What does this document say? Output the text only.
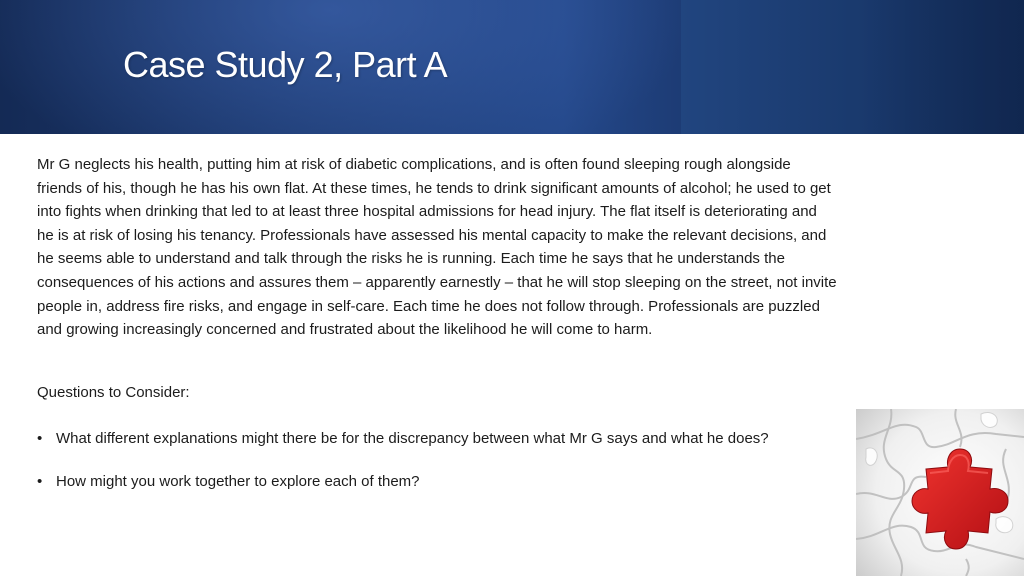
Case Study 2, Part A
Mr G neglects his health, putting him at risk of diabetic complications, and is often found sleeping rough alongside friends of his, though he has his own flat. At these times, he tends to drink significant amounts of alcohol; he used to get into fights when drinking that led to at least three hospital admissions for head injury. The flat itself is deteriorating and he is at risk of losing his tenancy. Professionals have assessed his mental capacity to make the relevant decisions, and he seems able to understand and talk through the risks he is running. Each time he says that he understands the consequences of his actions and assures them – apparently earnestly – that he will stop sleeping on the street, not invite people in, address fire risks, and engage in self-care. Each time he does not follow through. Professionals are puzzled and growing increasingly concerned and frustrated about the likelihood he will come to harm.
Questions to Consider:
• What different explanations might there be for the discrepancy between what Mr G says and what he does?
• How might you work together to explore each of them?
